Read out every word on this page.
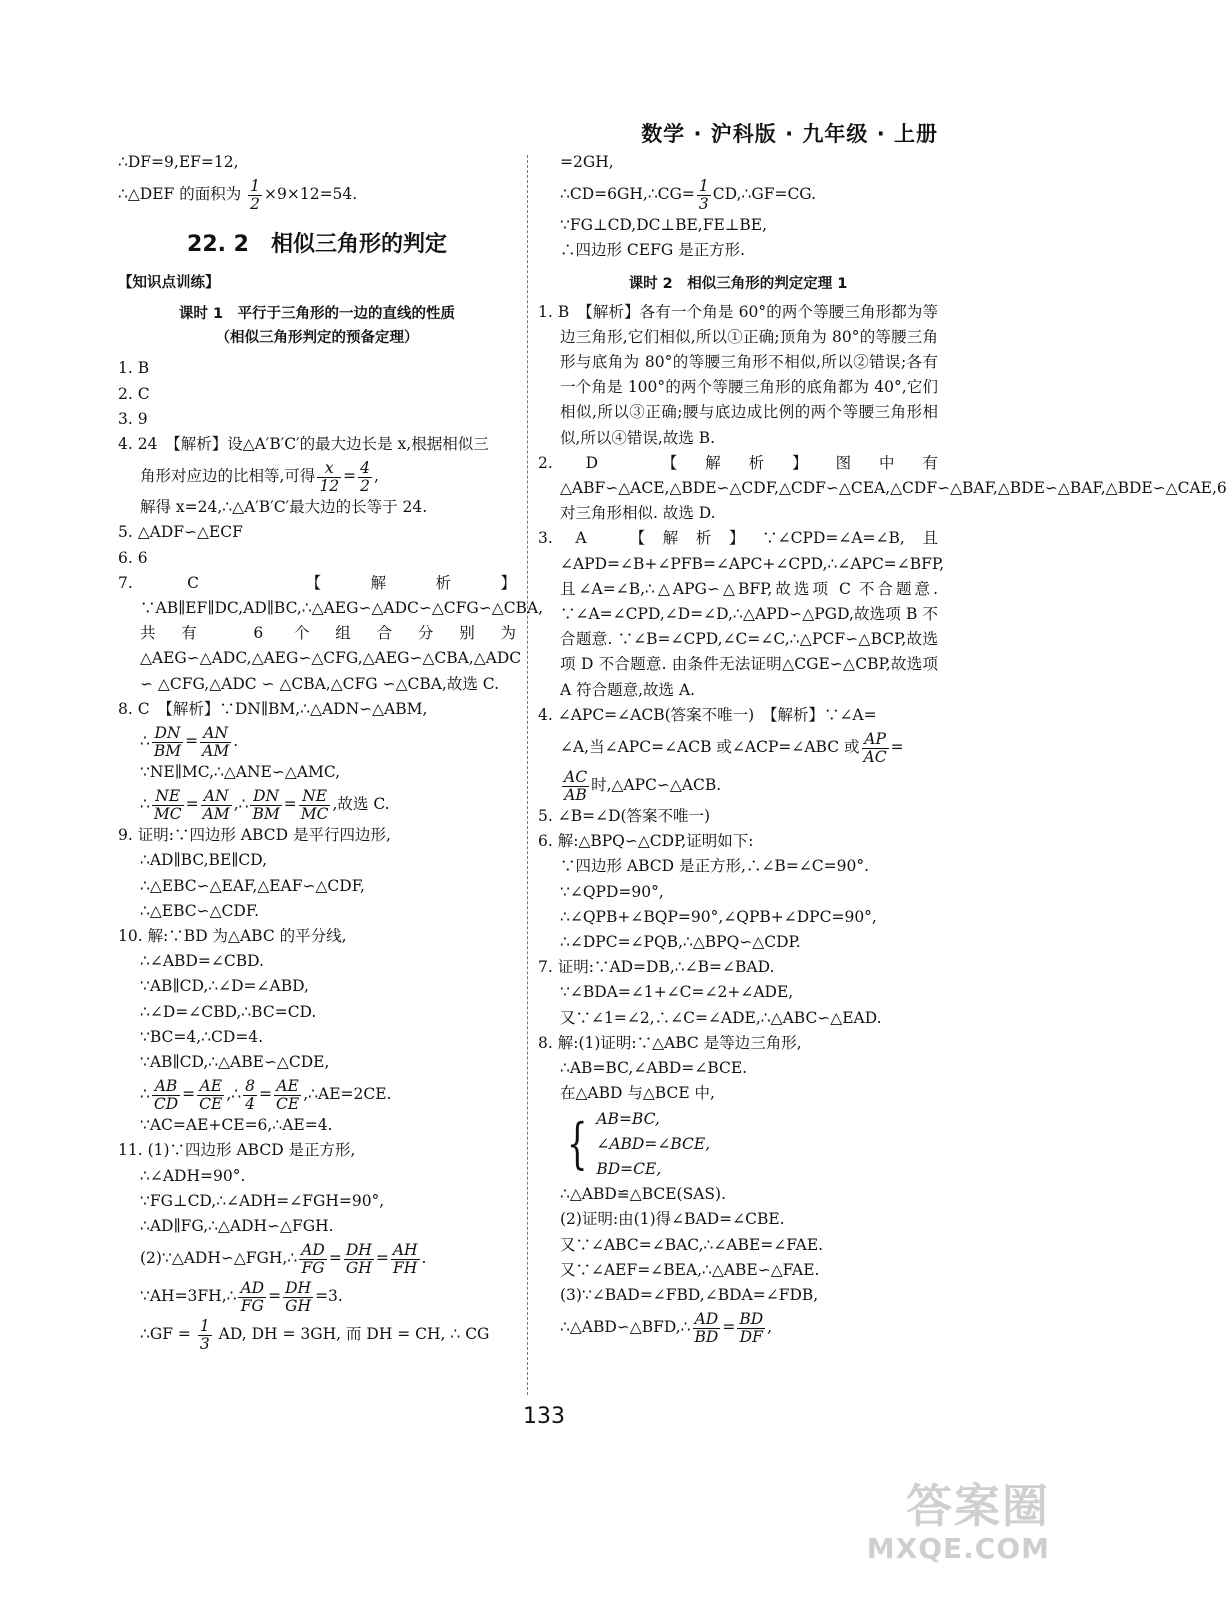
数学 · 沪科版 · 九年级 · 上册
∴DF=9,EF=12,
∴△DEF 的面积为 $\frac{1}{2} \times 9\times 12=54$.
22. 2　相似三角形的判定
【知识点训练】
课时 1　平行于三角形的一边的直线的性质
（相似三角形判定的预备定理）
1. B
2. C
3. 9
4. 24　【解析】设△A′B′C′的最大边长是 x,根据相似三
角形对应边的比相等,可得 $\frac{x}{12} = \frac{4}{2}$ ,
解得 x=24,∴△A′B′C′最大边的长等于 24.
5. △ADF∽△ECF
6. 6
7. C　【解析】∵AB∥EF∥DC,AD∥BC,∴△AEG∽△ADC∽△CFG∽△CBA,共有 6 个组合分别为△AEG∽△ADC,△AEG∽△CFG,△AEG∽△CBA,△ADC ∽ △CFG,△ADC ∽ △CBA,△CFG ∽△CBA,故选 C.
8. C　【解析】∵DN∥BM,∴△ADN∽△ABM,
∴ $\frac{DN}{BM} = \frac{AN}{AM}$ .
∵NE∥MC,∴△ANE∽△AMC,
∴ $\frac{NE}{MC} = \frac{AN}{AM}$ ,∴ $\frac{DN}{BM} = \frac{NE}{MC}$ ,故选 C.
9. 证明:∵四边形 ABCD 是平行四边形,
∴AD∥BC,BE∥CD,
∴△EBC∽△EAF,△EAF∽△CDF,
∴△EBC∽△CDF.
10. 解:∵BD 为△ABC 的平分线,
∴∠ABD=∠CBD.
∵AB∥CD,∴∠D=∠ABD,
∴∠D=∠CBD,∴BC=CD.
∵BC=4,∴CD=4.
∵AB∥CD,∴△ABE∽△CDE,
∴ $\frac{AB}{CD} = \frac{AE}{CE}$ ,∴ $\frac{8}{4} = \frac{AE}{CE}$ ,∴AE=2CE.
∵AC=AE+CE=6,∴AE=4.
11. (1)∵四边形 ABCD 是正方形,
∴∠ADH=90°.
∵FG⊥CD,∴∠ADH=∠FGH=90°,
∴AD∥FG,∴△ADH∽△FGH.
(2)∵△ADH∽△FGH,∴ $\frac{AD}{FG} = \frac{DH}{GH} = \frac{AH}{FH}$ .
∵AH=3FH,∴ $\frac{AD}{FG} = \frac{DH}{GH} =3$.
∴GF = $\frac{1}{3}$ AD, DH = 3GH, 而 DH = CH, ∴ CG
=2GH,
∴CD=6GH,∴CG= $\frac{1}{3}$ CD,∴GF=CG.
∵FG⊥CD,DC⊥BE,FE⊥BE,
∴四边形 CEFG 是正方形.
课时 2　相似三角形的判定定理 1
1. B　【解析】各有一个角是 60°的两个等腰三角形都为等边三角形,它们相似,所以①正确;顶角为 80°的等腰三角形与底角为 80°的等腰三角形不相似,所以②错误;各有一个角是 100°的两个等腰三角形的底角都为 40°,它们相似,所以③正确;腰与底边成比例的两个等腰三角形相似,所以④错误,故选 B.
2. D　【解析】图中有△ABF∽△ACE,△BDE∽△CDF,△CDF∽△CEA,△CDF∽△BAF,△BDE∽△BAF,△BDE∽△CAE,6 对三角形相似. 故选 D.
3. A　【解析】∵∠CPD=∠A=∠B,且∠APD=∠B+∠PFB=∠APC+∠CPD,∴∠APC=∠BFP,且∠A=∠B,∴△APG∽△BFP,故选项 C 不合题意. ∵∠A=∠CPD,∠D=∠D,∴△APD∽△PGD,故选项 B 不合题意. ∵∠B=∠CPD,∠C=∠C,∴△PCF∽△BCP,故选项 D 不合题意. 由条件无法证明△CGE∽△CBP,故选项 A 符合题意,故选 A.
4. ∠APC=∠ACB(答案不唯一)　【解析】∵∠A=
∠A,当∠APC=∠ACB 或∠ACP=∠ABC 或 $\frac{AP}{AC}$ =
$\frac{AC}{AB}$ 时,△APC∽△ACB.
5. ∠B=∠D(答案不唯一)
6. 解:△BPQ∽△CDP,证明如下:
∵四边形 ABCD 是正方形,∴∠B=∠C=90°.
∵∠QPD=90°,
∴∠QPB+∠BQP=90°,∠QPB+∠DPC=90°,
∴∠DPC=∠PQB,∴△BPQ∽△CDP.
7. 证明:∵AD=DB,∴∠B=∠BAD.
∵∠BDA=∠1+∠C=∠2+∠ADE,
又∵∠1=∠2,∴∠C=∠ADE,∴△ABC∽△EAD.
8. 解:(1)证明:∵△ABC 是等边三角形,
∴AB=BC,∠ABD=∠BCE.
在△ABD 与△BCE 中,
{ AB=BC,
∠ABD=∠BCE,
BD=CE,
∴△ABD≌△BCE(SAS).
(2)证明:由(1)得∠BAD=∠CBE.
又∵∠ABC=∠BAC,∴∠ABE=∠FAE.
又∵∠AEF=∠BEA,∴△ABE∽△FAE.
(3)∵∠BAD=∠FBD,∠BDA=∠FDB,
∴△ABD∽△BFD,∴ $\frac{AD}{BD} = \frac{BD}{DF}$ ,
133
答案圈
MXQE.COM
